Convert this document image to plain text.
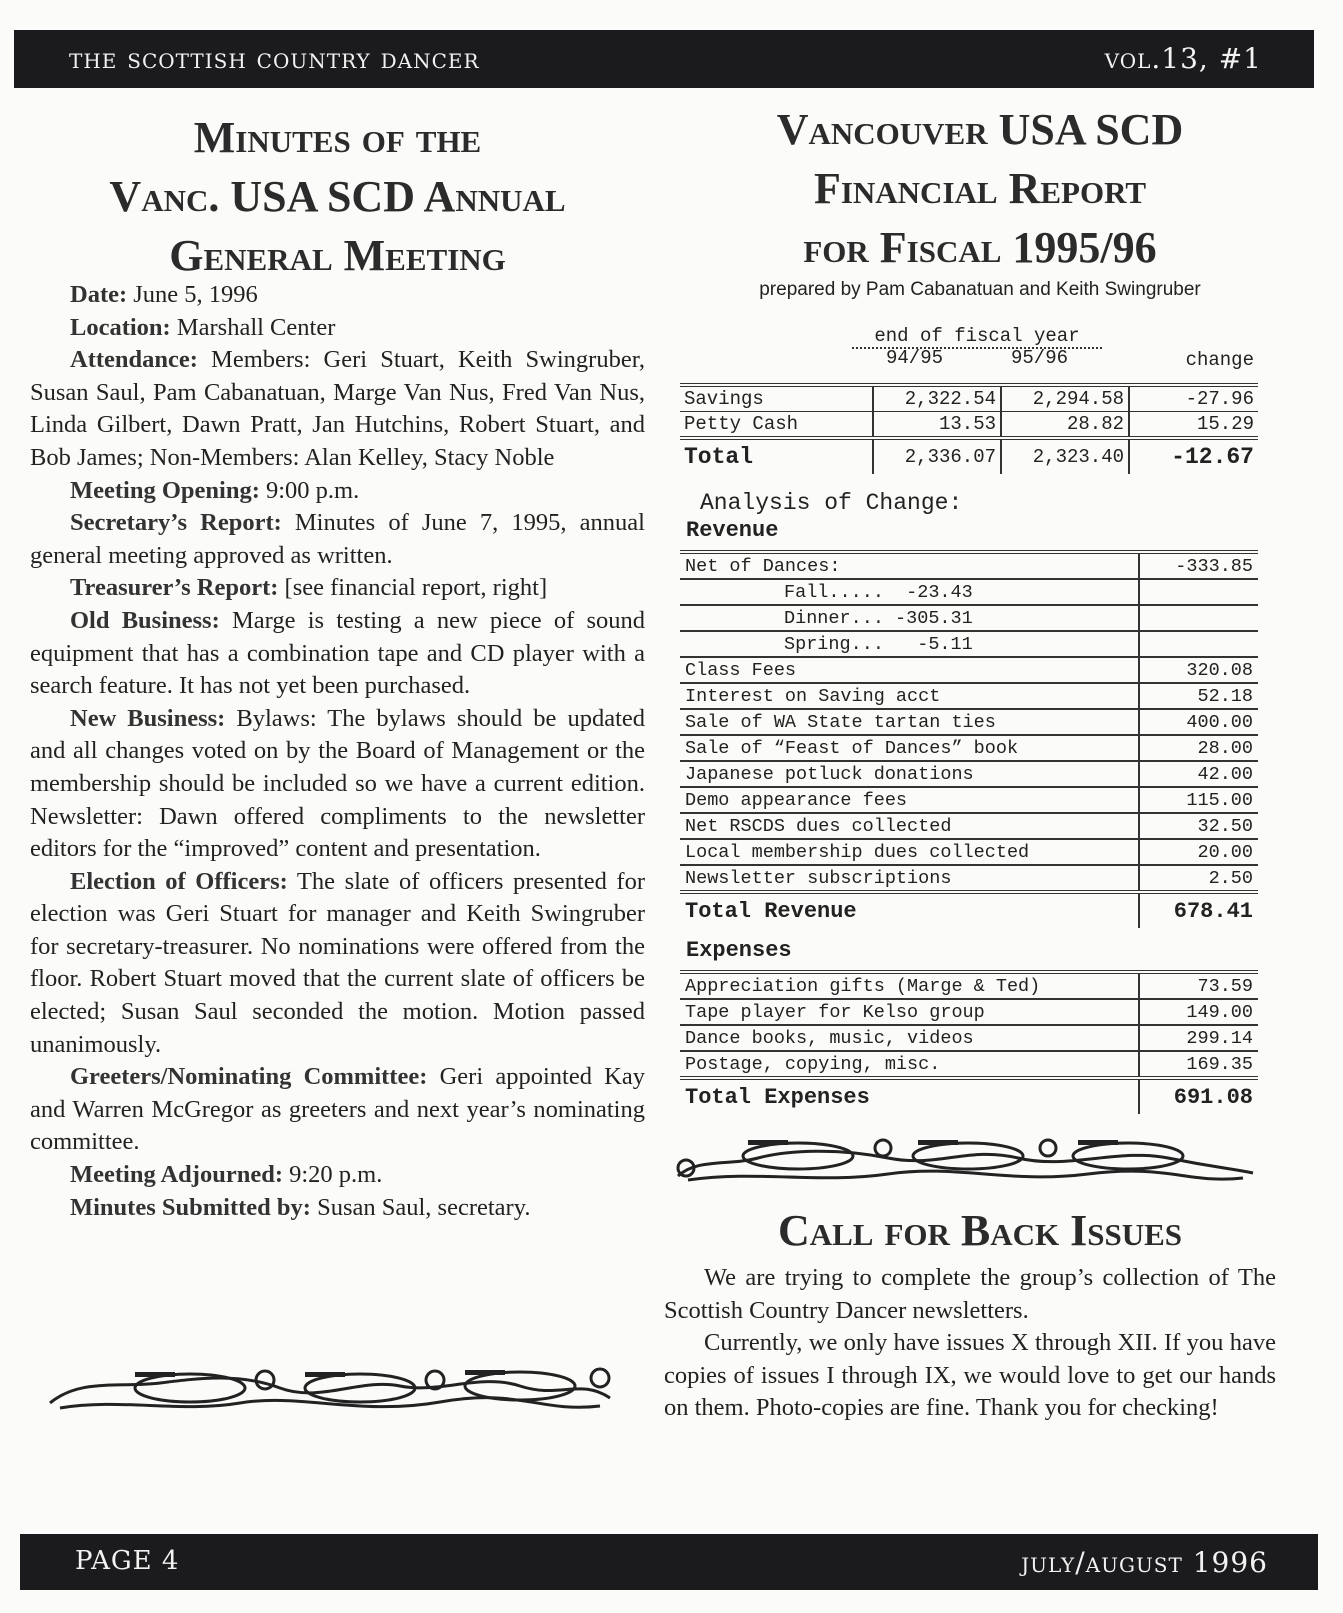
the scottish country dancer	vol.13, #1
Minutes of the
Vanc. USA SCD Annual
General Meeting

Date: June 5, 1996

Location: Marshall Center

Attendance: Members: Geri Stuart, Keith Swingruber, Susan Saul, Pam Cabanatuan, Marge Van Nus, Fred Van Nus, Linda Gilbert, Dawn Pratt, Jan Hutchins, Robert Stuart, and Bob James; Non-Members: Alan Kelley, Stacy Noble

Meeting Opening: 9:00 p.m.

Secretary’s Report: Minutes of June 7, 1995, annual general meeting approved as written.

Treasurer’s Report: [see financial report, right]

Old Business: Marge is testing a new piece of sound equipment that has a combination tape and CD player with a search feature. It has not yet been purchased.

New Business: Bylaws: The bylaws should be updated and all changes voted on by the Board of Management or the membership should be included so we have a current edition. Newsletter: Dawn offered compliments to the newsletter editors for the “improved” content and presentation.

Election of Officers: The slate of officers presented for election was Geri Stuart for manager and Keith Swingruber for secretary-treasurer. No nominations were offered from the floor. Robert Stuart moved that the current slate of officers be elected; Susan Saul seconded the motion. Motion passed unanimously.

Greeters/Nominating Committee: Geri appointed Kay and Warren McGregor as greeters and next year’s nominating committee.

Meeting Adjourned: 9:20 p.m.

Minutes Submitted by: Susan Saul, secretary.

Vancouver USA SCD
Financial Report
for Fiscal 1995/96
prepared by Pam Cabanatuan and Keith Swingruber
end of fiscal year
94/95	95/96	change
Savings	2,322.54	2,294.58	-27.96
Petty Cash	13.53	28.82	15.29
Total	2,336.07	2,323.40	-12.67
Analysis of Change:
Revenue
Net of Dances:	-333.85
Fall.....  -23.43	
Dinner... -305.31	
Spring...   -5.11	
Class Fees	320.08
Interest on Saving acct	52.18
Sale of WA State tartan ties	400.00
Sale of “Feast of Dances” book	28.00
Japanese potluck donations	42.00
Demo appearance fees	115.00
Net RSCDS dues collected	32.50
Local membership dues collected	20.00
Newsletter subscriptions	2.50
Total Revenue	678.41
Expenses
Appreciation gifts (Marge & Ted)	73.59
Tape player for Kelso group	149.00
Dance books, music, videos	299.14
Postage, copying, misc.	169.35
Total Expenses	691.08
Call for Back Issues

We are trying to complete the group’s collection of The Scottish Country Dancer newsletters.

Currently, we only have issues X through XII. If you have copies of issues I through IX, we would love to get our hands on them. Photo-copies are fine. Thank you for checking!

PAGE 4	july/august 1996
